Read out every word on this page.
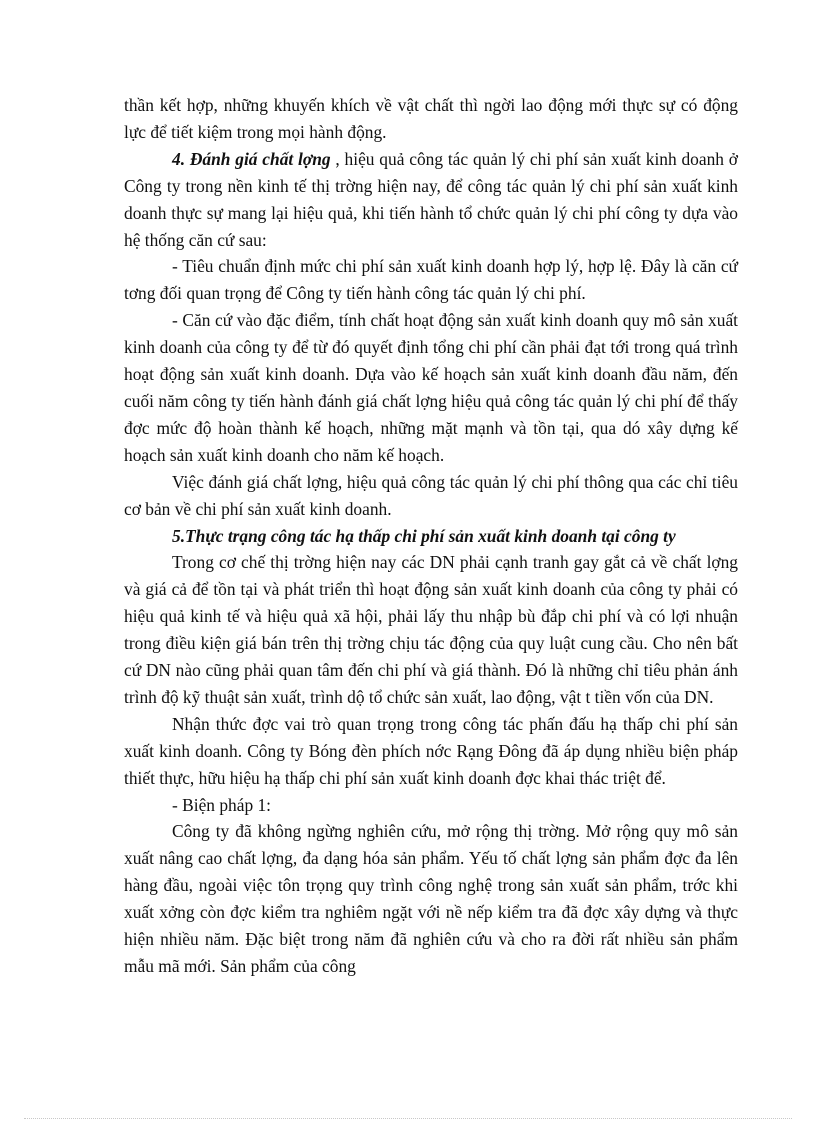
thần kết hợp, những khuyến khích về vật chất thì ngời lao động mới thực sự có động lực để tiết kiệm trong mọi hành động.

4. Đánh giá chất lợng , hiệu quả công tác quản lý chi phí sản xuất kinh doanh ở Công ty trong nền kinh tế thị trờng hiện nay, để công tác quản lý chi phí sản xuất kinh doanh thực sự mang lại hiệu quả, khi tiến hành tổ chức quản lý chi phí công ty dựa vào hệ thống căn cứ sau:

- Tiêu chuẩn định mức chi phí sản xuất kinh doanh hợp lý, hợp lệ. Đây là căn cứ tơng đối quan trọng để Công ty tiến hành công tác quản lý chi phí.

- Căn cứ vào đặc điểm, tính chất hoạt động sản xuất kinh doanh quy mô sản xuất kinh doanh của công ty để từ đó quyết định tổng chi phí cần phải đạt tới trong quá trình hoạt động sản xuất kinh doanh. Dựa vào kế hoạch sản xuất kinh doanh đầu năm, đến cuối năm công ty tiến hành đánh giá chất lợng hiệu quả công tác quản lý chi phí để thấy đợc mức độ hoàn thành kế hoạch, những mặt mạnh và tồn tại, qua dó xây dựng kế hoạch sản xuất kinh doanh cho năm kế hoạch.

Việc đánh giá chất lợng, hiệu quả công tác quản lý chi phí thông qua các chỉ tiêu cơ bản về chi phí sản xuất kinh doanh.

5.Thực trạng công tác hạ thấp chi phí sản xuất kinh doanh tại công ty

Trong cơ chế thị trờng hiện nay các DN phải cạnh tranh gay gắt cả về chất lợng và giá cả để tồn tại và phát triển thì hoạt động sản xuất kinh doanh của công ty phải có hiệu quả kinh tế và hiệu quả xã hội, phải lấy thu nhập bù đắp chi phí và có lợi nhuận trong điều kiện giá bán trên thị trờng chịu tác động của quy luật cung cầu. Cho nên bất cứ DN nào cũng phải quan tâm đến chi phí và giá thành. Đó là những chỉ tiêu phản ánh trình độ kỹ thuật sản xuất, trình dộ tổ chức sản xuất, lao động, vật t tiền vốn của DN.

Nhận thức đợc vai trò quan trọng trong công tác phấn đấu hạ thấp chi phí sản xuất kinh doanh. Công ty Bóng đèn phích nớc Rạng Đông đã áp dụng nhiều biện pháp thiết thực, hữu hiệu hạ thấp chi phí sản xuất kinh doanh đợc khai thác triệt để.

- Biện pháp 1:

Công ty đã không ngừng nghiên cứu, mở rộng thị trờng. Mở rộng quy mô sản xuất nâng cao chất lợng, đa dạng hóa sản phẩm. Yếu tố chất lợng sản phẩm đợc đa lên hàng đầu, ngoài việc tôn trọng quy trình công nghệ trong sản xuất sản phẩm, trớc khi xuất xởng còn đợc kiểm tra nghiêm ngặt với nề nếp kiểm tra đã đợc xây dựng và thực hiện nhiều năm. Đặc biệt trong năm đã nghiên cứu và cho ra đời rất nhiều sản phẩm mẫu mã mới. Sản phẩm của công
